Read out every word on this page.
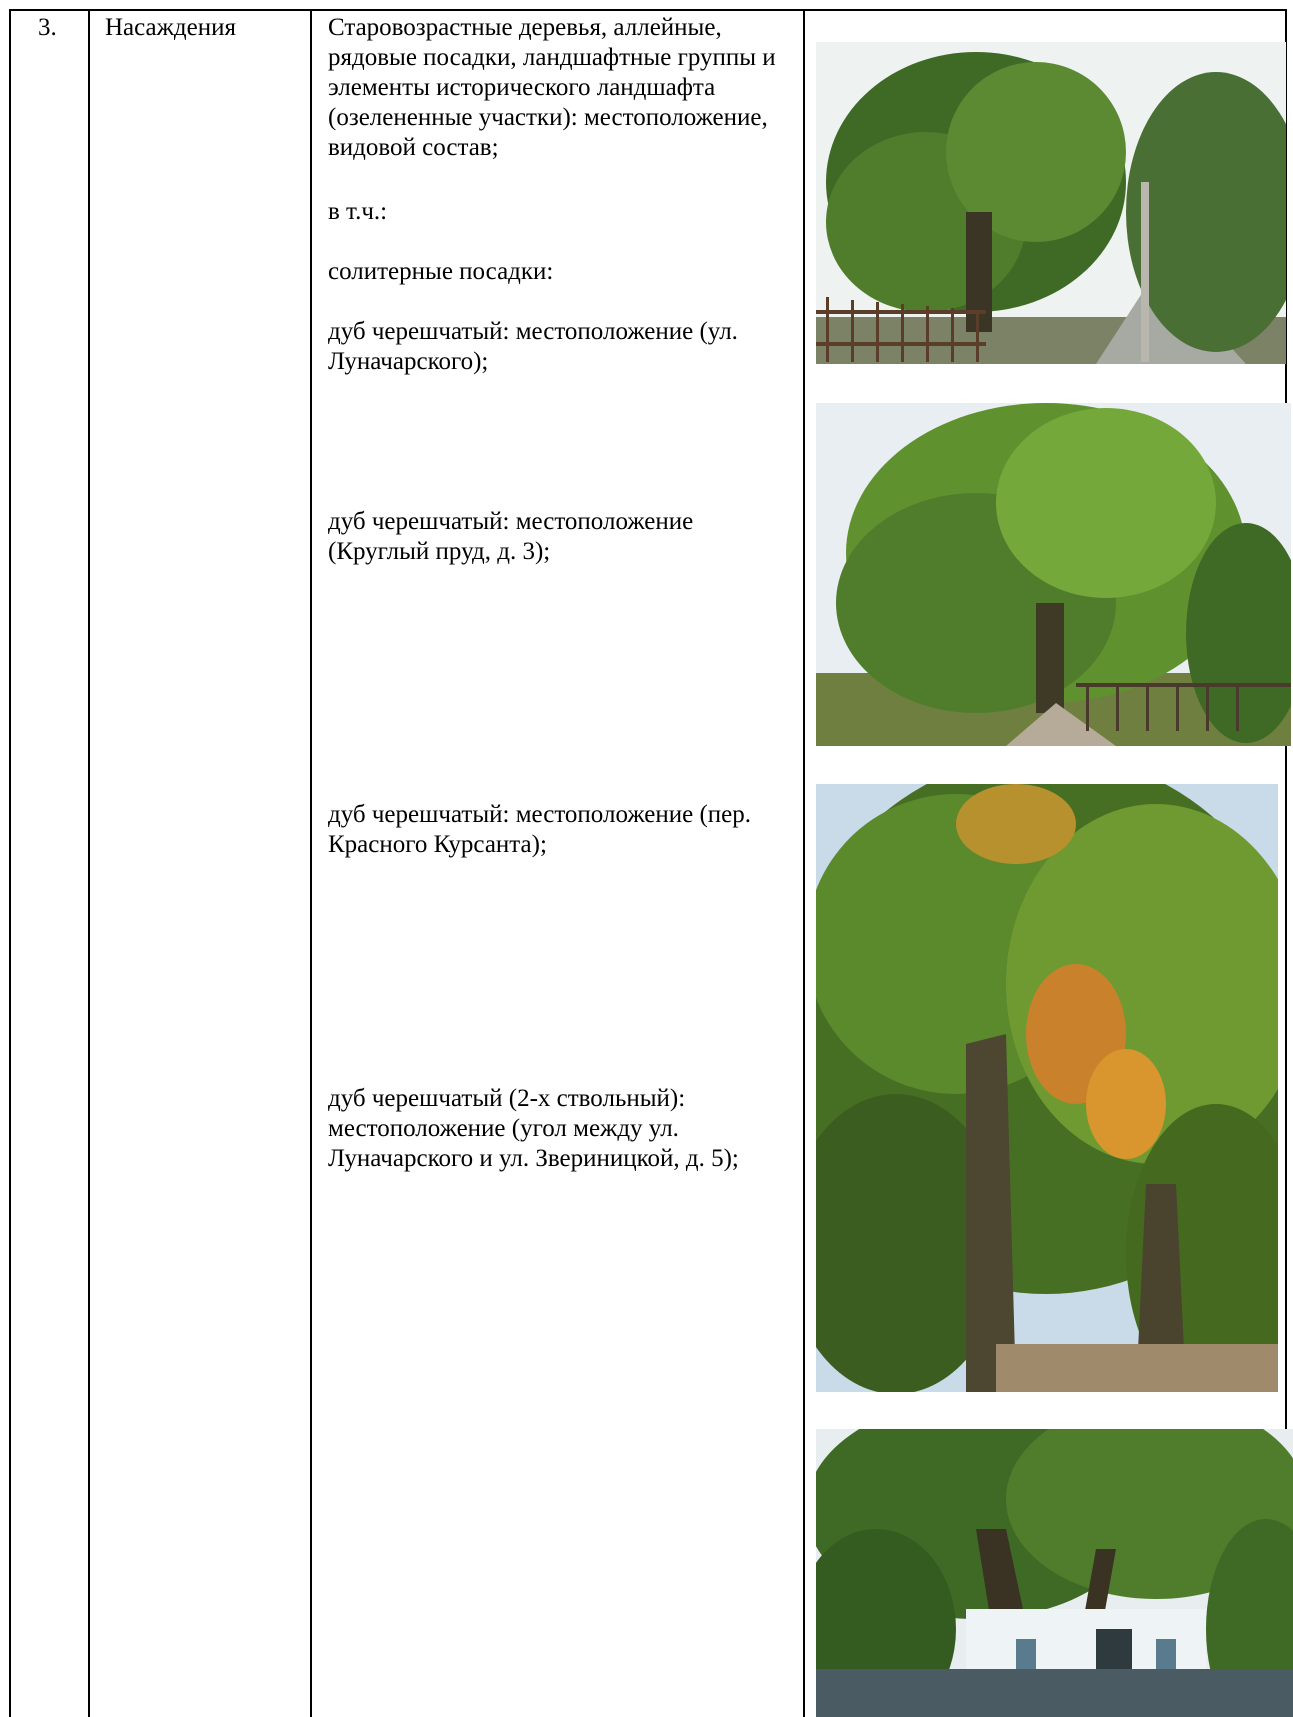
3. Насаждения	Старовозрастные деревья, аллейные, рядовые посадки, ландшафтные группы и элементы исторического ландшафта (озелененные участки): местоположение, видовой состав;
в т.ч.:
солитерные посадки:
дуб черешчатый: местоположение (ул. Луначарского);
дуб черешчатый: местоположение (Круглый пруд, д. 3);
дуб черешчатый: местоположение (пер. Красного Курсанта);
дуб черешчатый (2-х ствольный): местоположение (угол между ул. Луначарского и ул. Звериницкой, д. 5);
